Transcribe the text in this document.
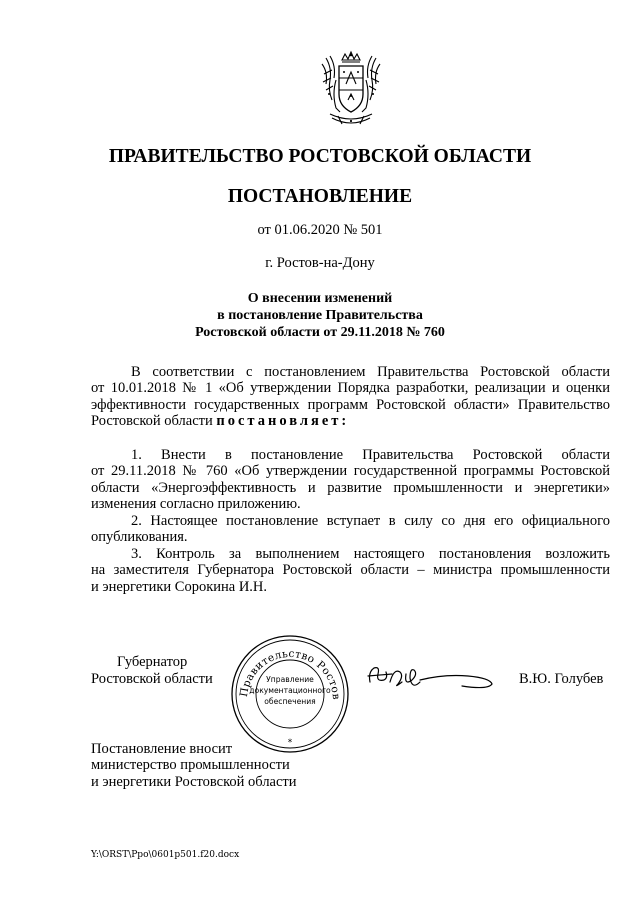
ПРАВИТЕЛЬСТВО РОСТОВСКОЙ ОБЛАСТИ
ПОСТАНОВЛЕНИЕ
от 01.06.2020 № 501
г. Ростов-на-Дону
О внесении изменений
в постановление Правительства
Ростовской области от 29.11.2018 № 760
В соответствии с постановлением Правительства Ростовской области
от 10.01.2018 № 1 «Об утверждении Порядка разработки, реализации и оценки
эффективности государственных программ Ростовской области» Правительство
Ростовской области постановляет:
1. Внести в постановление Правительства Ростовской области
от 29.11.2018 № 760 «Об утверждении государственной программы Ростовской
области «Энергоэффективность и развитие промышленности и энергетики»
изменения согласно приложению.
2. Настоящее постановление вступает в силу со дня его официального
опубликования.
3. Контроль за выполнением настоящего постановления возложить
на заместителя Губернатора Ростовской области – министра промышленности
и энергетики Сорокина И.Н.
Губернатор
Ростовской области	В.Ю. Голубев
Правительство Ростовской области
Управление
документационного
обеспечения
*
Постановление вносит
министерство промышленности
и энергетики Ростовской области
Y:\ORST\Ppo\0601p501.f20.docx
